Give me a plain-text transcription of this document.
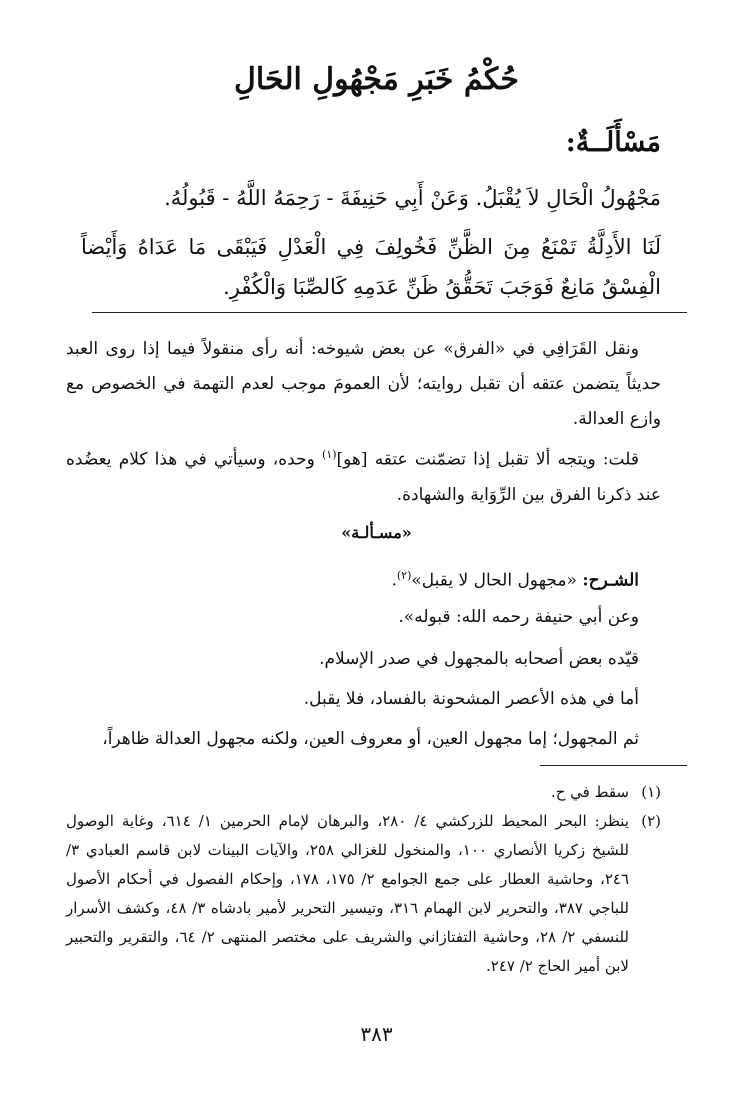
حُكْمُ خَبَرِ مَجْهُولِ الحَالِ
مَسْأَلَــةٌ:
مَجْهُولُ الْحَالِ لاَ يُقْبَلُ. وَعَنْ أَبِي حَنِيفَةَ - رَحِمَهُ اللَّهُ - قَبُولُهُ.
لَنَا الأَدِلَّةُ تَمْنَعُ مِنَ الظَّنِّ فَخُولِفَ فِي الْعَدْلِ فَيَبْقَى مَا عَدَاهُ وَأَيْضاً الْفِسْقُ مَانِعٌ فَوَجَبَ تَحَقُّقُ ظَنِّ عَدَمِهِ كَالصِّبَا وَالْكُفْرِ.
ونقل القَرَافِي في «الفرق» عن بعض شيوخه: أنه رأى منقولاً فيما إذا روى العبد حديثاً يتضمن عتقه أن تقبل روايته؛ لأن العمومَ موجب لعدم التهمة في الخصوص مع وازع العدالة.
قلت: ويتجه ألا تقبل إذا تضمّنت عتقه [هو]$^{(١)}$ وحده، وسيأتي في هذا كلام يعضُده عند ذكرنا الفرق بين الرِّوَاية والشهادة.
«مسـألـة»
الشـرح: «مجهول الحال لا يقبل»$^{(٢)}$.
وعن أبي حنيفة رحمه الله: قبوله».
قيّده بعض أصحابه بالمجهول في صدر الإسلام.
أما في هذه الأعصر المشحونة بالفساد، فلا يقبل.
ثم المجهول؛ إما مجهول العين، أو معروف العين، ولكنه مجهول العدالة ظاهراً،
(١)
سقط في ح.
(٢)
ينظر: البحر المحيط للزركشي ٤/ ٢٨٠، والبرهان لإمام الحرمين ١/ ٦١٤، وغاية الوصول للشيخ زكريا الأنصاري ١٠٠، والمنخول للغزالي ٢٥٨، والآيات البينات لابن قاسم العبادي ٣/ ٢٤٦، وحاشية العطار على جمع الجوامع ٢/ ١٧٥، ١٧٨، وإحكام الفصول في أحكام الأصول للباجي ٣٨٧، والتحرير لابن الهمام ٣١٦، وتيسير التحرير لأمير بادشاه ٣/ ٤٨، وكشف الأسرار للنسفي ٢/ ٢٨، وحاشية التفتازاني والشريف على مختصر المنتهى ٢/ ٦٤، والتقرير والتحبير لابن أمير الحاج ٢/ ٢٤٧.
٣٨٣
